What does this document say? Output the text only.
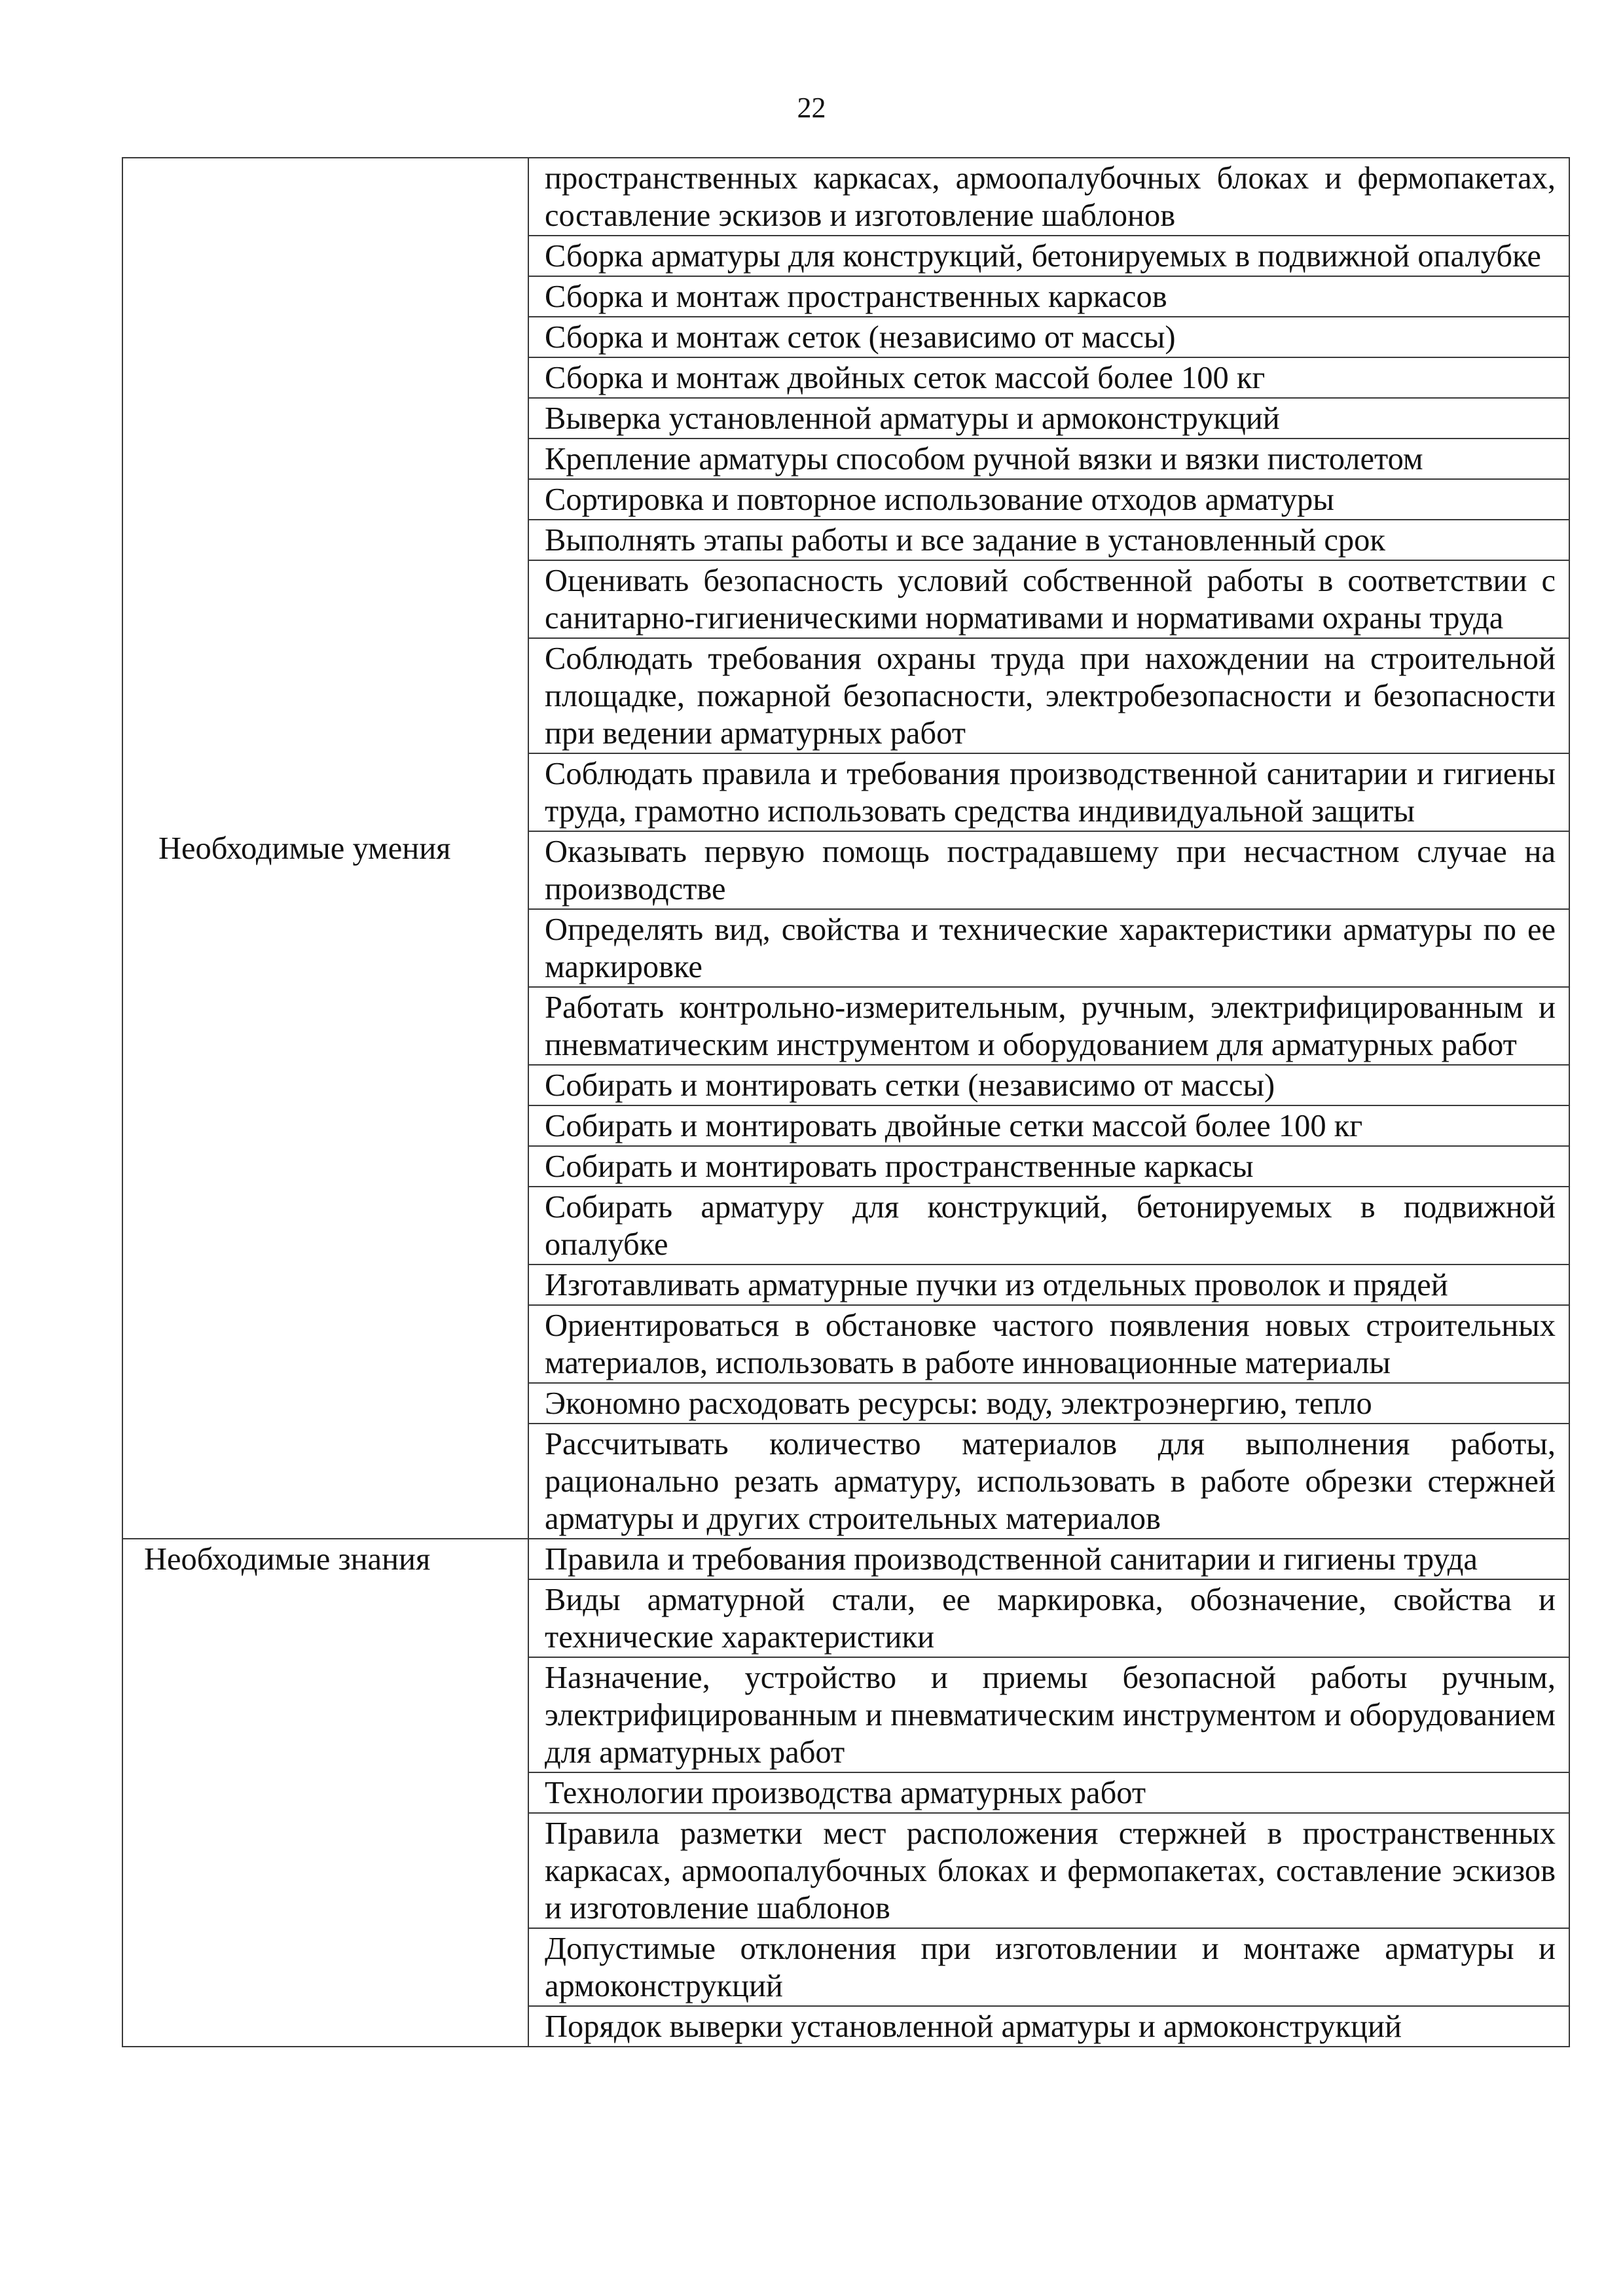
22
Необходимые умения	пространственных каркасах, армоопалубочных блоках и фермопакетах, составление эскизов и изготовление шаблонов
	Сборка арматуры для конструкций, бетонируемых в подвижной опалубке
	Сборка и монтаж пространственных каркасов
	Сборка и монтаж сеток (независимо от массы)
	Сборка и монтаж двойных сеток массой более 100 кг
	Выверка установленной арматуры и армоконструкций
	Крепление арматуры способом ручной вязки и вязки пистолетом
	Сортировка и повторное использование отходов арматуры
	Выполнять этапы работы и все задание в установленный срок
	Оценивать безопасность условий собственной работы в соответствии с санитарно-гигиеническими нормативами и нормативами охраны труда
	Соблюдать требования охраны труда при нахождении на строительной площадке, пожарной безопасности, электробезопасности и безопасности при ведении арматурных работ
	Соблюдать правила и требования производственной санитарии и гигиены труда, грамотно использовать средства индивидуальной защиты
	Оказывать первую помощь пострадавшему при несчастном случае на производстве
	Определять вид, свойства и технические характеристики арматуры по ее маркировке
	Работать контрольно-измерительным, ручным, электрифицированным и пневматическим инструментом и оборудованием для арматурных работ
	Собирать и монтировать сетки (независимо от массы)
	Собирать и монтировать двойные сетки массой более 100 кг
	Собирать и монтировать пространственные каркасы
	Собирать арматуру для конструкций, бетонируемых в подвижной опалубке
	Изготавливать арматурные пучки из отдельных проволок и прядей
	Ориентироваться в обстановке частого появления новых строительных материалов, использовать в работе инновационные материалы
	Экономно расходовать ресурсы: воду, электроэнергию, тепло
	Рассчитывать количество материалов для выполнения работы, рационально резать арматуру, использовать в работе обрезки стержней арматуры и других строительных материалов
Необходимые знания	Правила и требования производственной санитарии и гигиены труда
	Виды арматурной стали, ее маркировка, обозначение, свойства и технические характеристики
	Назначение, устройство и приемы безопасной работы ручным, электрифицированным и пневматическим инструментом и оборудованием для арматурных работ
	Технологии производства арматурных работ
	Правила разметки мест расположения стержней в пространственных каркасах, армоопалубочных блоках и фермопакетах, составление эскизов и изготовление шаблонов
	Допустимые отклонения при изготовлении и монтаже арматуры и армоконструкций
	Порядок выверки установленной арматуры и армоконструкций
